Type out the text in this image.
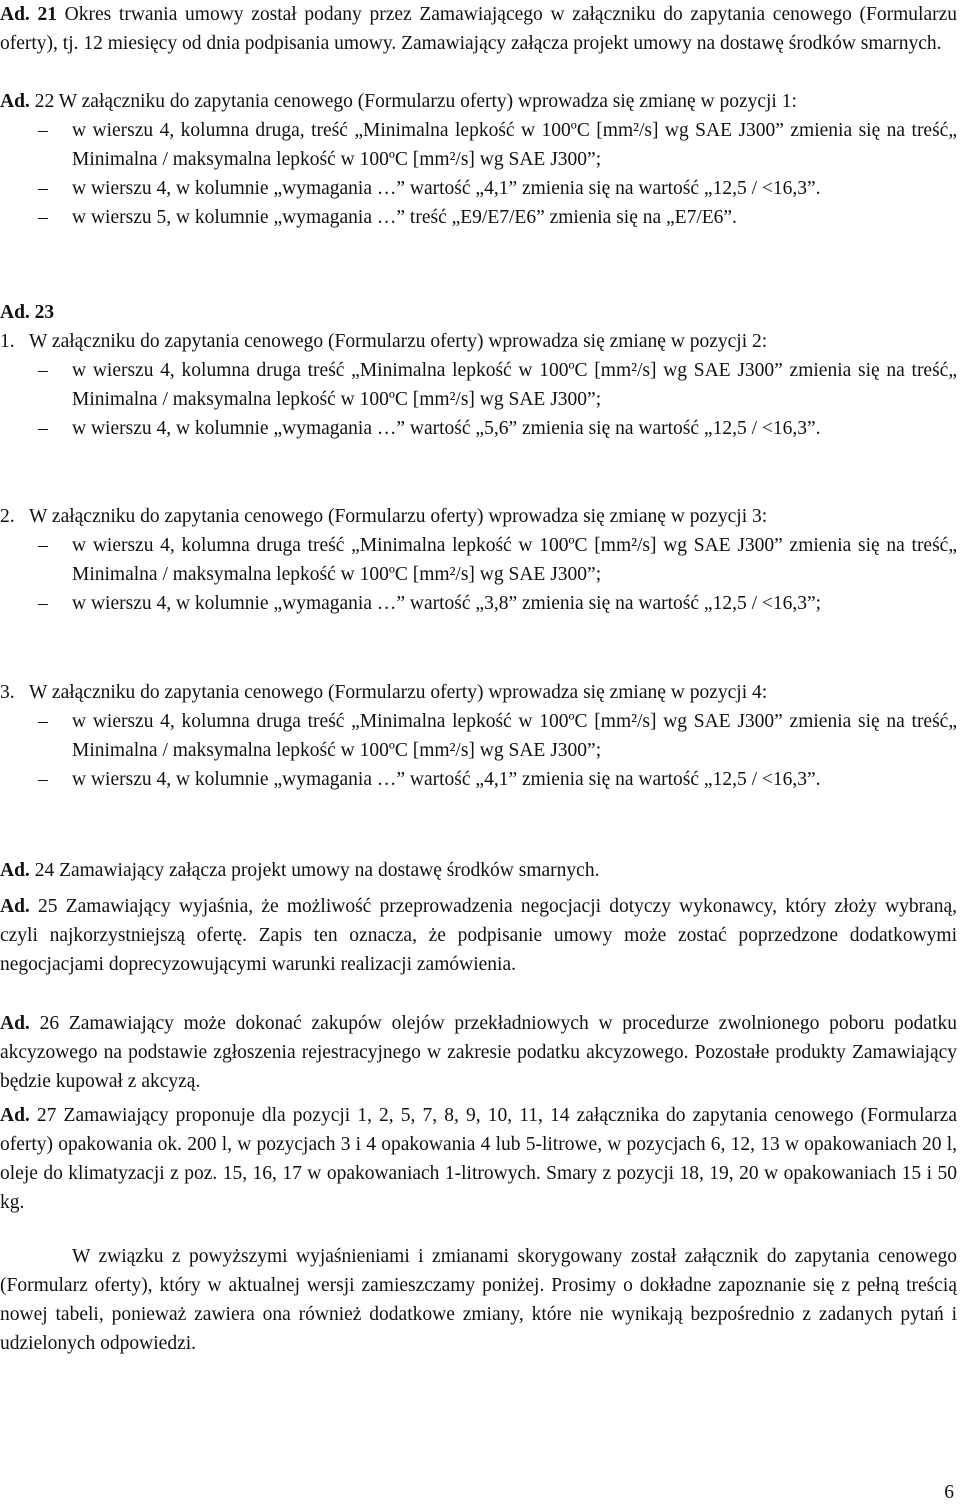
Ad. 21 Okres trwania umowy został podany przez Zamawiającego w załączniku do zapytania cenowego (Formularzu oferty), tj. 12 miesięcy od dnia podpisania umowy. Zamawiający załącza projekt umowy na dostawę środków smarnych.

Ad. 22 W załączniku do zapytania cenowego (Formularzu oferty) wprowadza się zmianę w pozycji 1:

– w wierszu 4, kolumna druga, treść „Minimalna lepkość w 100ºC [mm²/s] wg SAE J300” zmienia się na treść„ Minimalna / maksymalna lepkość w 100ºC [mm²/s] wg SAE J300”;

– w wierszu 4, w kolumnie „wymagania …” wartość „4,1” zmienia się na wartość „12,5 / <16,3”.

– w wierszu 5, w kolumnie „wymagania …” treść „E9/E7/E6” zmienia się na „E7/E6”.

Ad. 23

1. W załączniku do zapytania cenowego (Formularzu oferty) wprowadza się zmianę w pozycji 2:

– w wierszu 4, kolumna druga treść „Minimalna lepkość w 100ºC [mm²/s] wg SAE J300” zmienia się na treść„ Minimalna / maksymalna lepkość w 100ºC [mm²/s] wg SAE J300”;

– w wierszu 4, w kolumnie „wymagania …” wartość „5,6” zmienia się na wartość „12,5 / <16,3”.

2. W załączniku do zapytania cenowego (Formularzu oferty) wprowadza się zmianę w pozycji 3:

– w wierszu 4, kolumna druga treść „Minimalna lepkość w 100ºC [mm²/s] wg SAE J300” zmienia się na treść„ Minimalna / maksymalna lepkość w 100ºC [mm²/s] wg SAE J300”;

– w wierszu 4, w kolumnie „wymagania …” wartość „3,8” zmienia się na wartość „12,5 / <16,3”;

3. W załączniku do zapytania cenowego (Formularzu oferty) wprowadza się zmianę w pozycji 4:

– w wierszu 4, kolumna druga treść „Minimalna lepkość w 100ºC [mm²/s] wg SAE J300” zmienia się na treść„ Minimalna / maksymalna lepkość w 100ºC [mm²/s] wg SAE J300”;

– w wierszu 4, w kolumnie „wymagania …” wartość „4,1” zmienia się na wartość „12,5 / <16,3”.

Ad. 24 Zamawiający załącza projekt umowy na dostawę środków smarnych.

Ad. 25 Zamawiający wyjaśnia, że możliwość przeprowadzenia negocjacji dotyczy wykonawcy, który złoży wybraną, czyli najkorzystniejszą ofertę. Zapis ten oznacza, że podpisanie umowy może zostać poprzedzone dodatkowymi negocjacjami doprecyzowującymi warunki realizacji zamówienia.

Ad. 26 Zamawiający może dokonać zakupów olejów przekładniowych w procedurze zwolnionego poboru podatku akcyzowego na podstawie zgłoszenia rejestracyjnego w zakresie podatku akcyzowego. Pozostałe produkty Zamawiający będzie kupował z akcyzą.

Ad. 27 Zamawiający proponuje dla pozycji 1, 2, 5, 7, 8, 9, 10, 11, 14 załącznika do zapytania cenowego (Formularza oferty) opakowania ok. 200 l, w pozycjach 3 i 4 opakowania 4 lub 5-litrowe, w pozycjach 6, 12, 13 w opakowaniach 20 l, oleje do klimatyzacji z poz. 15, 16, 17 w opakowaniach 1-litrowych. Smary z pozycji 18, 19, 20 w opakowaniach 15 i 50 kg.

W związku z powyższymi wyjaśnieniami i zmianami skorygowany został załącznik do zapytania cenowego (Formularz oferty), który w aktualnej wersji zamieszczamy poniżej. Prosimy o dokładne zapoznanie się z pełną treścią nowej tabeli, ponieważ zawiera ona również dodatkowe zmiany, które nie wynikają bezpośrednio z zadanych pytań i udzielonych odpowiedzi.

6
